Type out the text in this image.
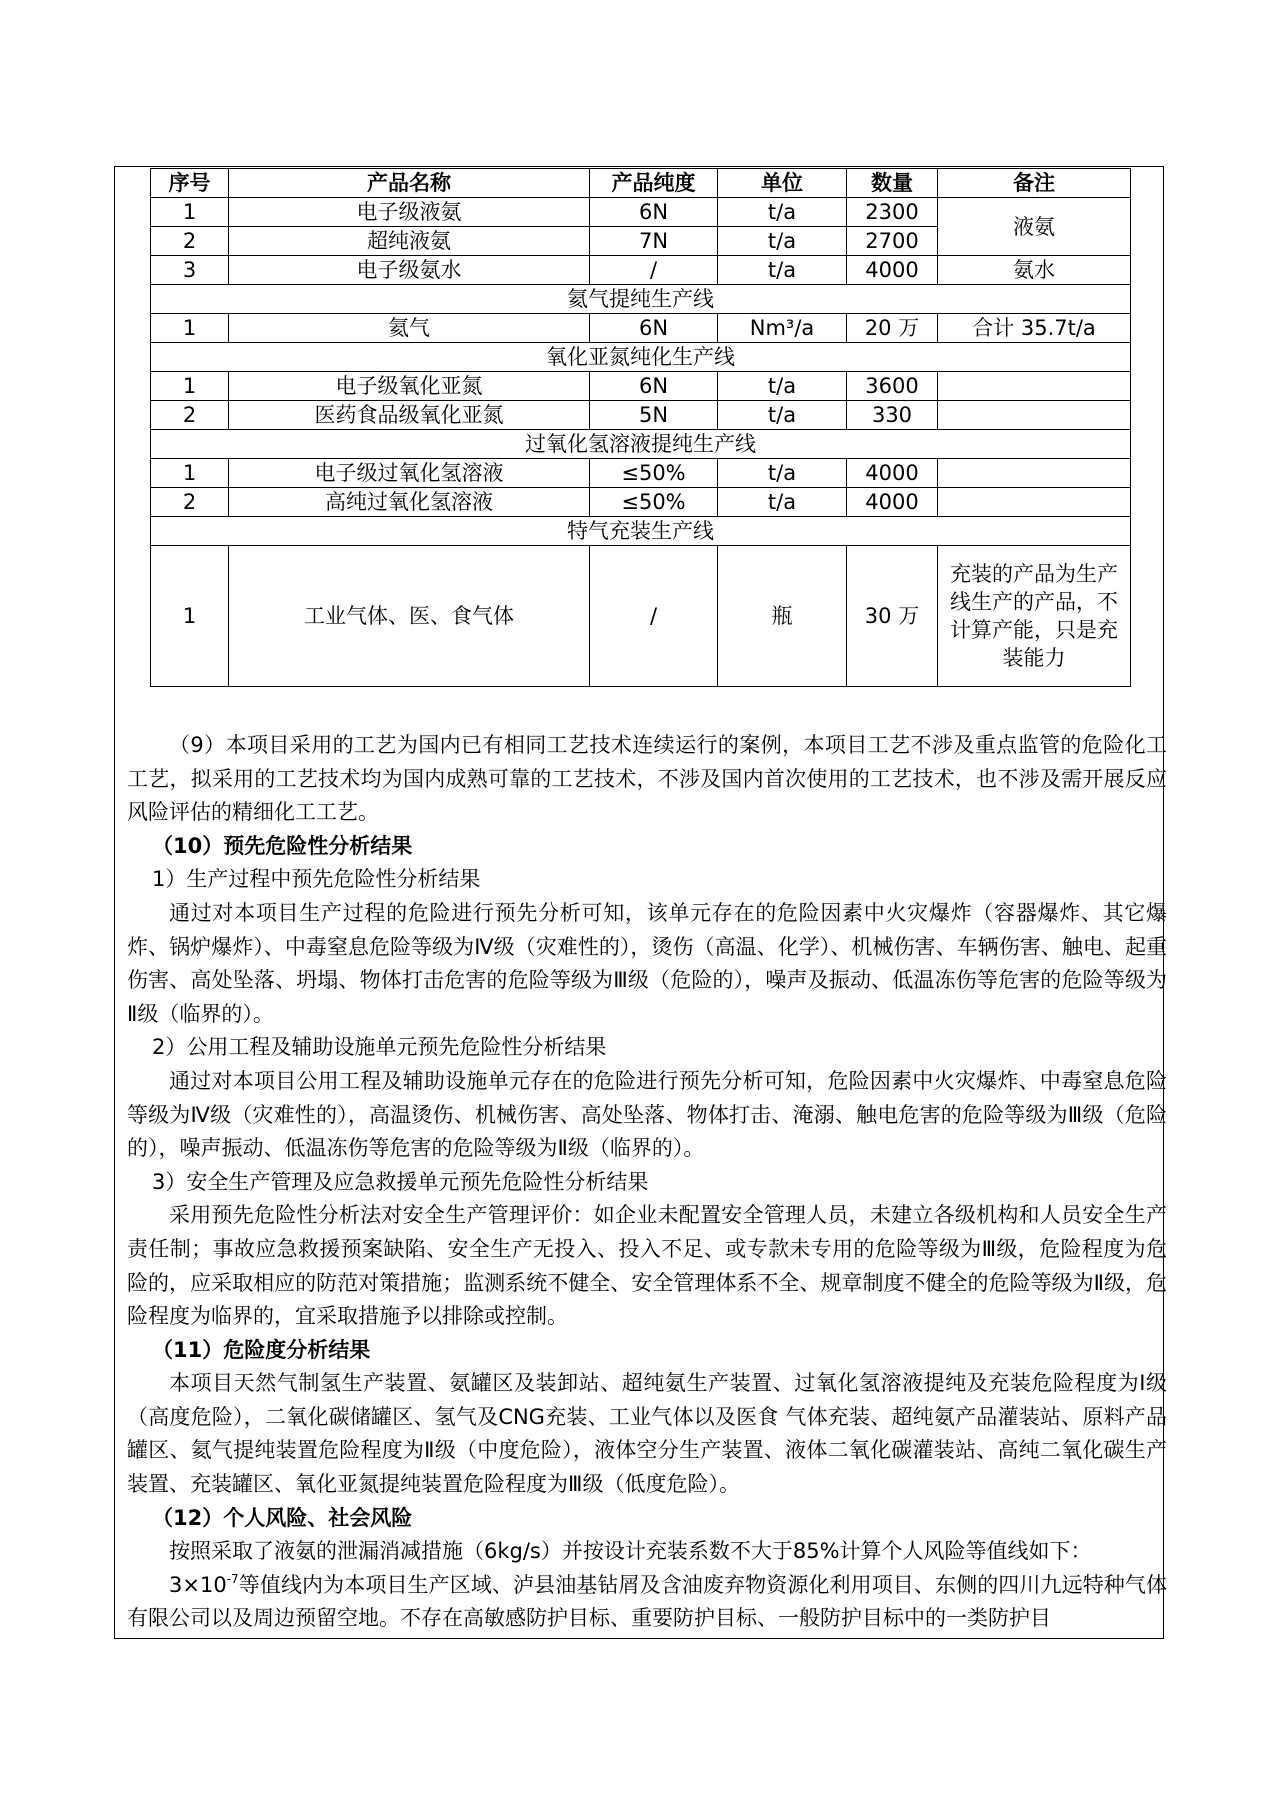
序号	产品名称	产品纯度	单位	数量	备注
1	电子级液氨	6N	t/a	2300	液氨
2	超纯液氨	7N	t/a	2700	
3	电子级氨水	/	t/a	4000	氨水
氦气提纯生产线					
1	氦气	6N	Nm³/a	20 万	合计 35.7t/a
氧化亚氮纯化生产线					
1	电子级氧化亚氮	6N	t/a	3600	
2	医药食品级氧化亚氮	5N	t/a	330	
过氧化氢溶液提纯生产线					
1	电子级过氧化氢溶液	≤50%	t/a	4000	
2	高纯过氧化氢溶液	≤50%	t/a	4000	
特气充装生产线					
1	工业气体、医、食气体	/	瓶	30 万	充装的产品为生产线生产的产品，不计算产能，只是充装能力

（9）本项目采用的工艺为国内已有相同工艺技术连续运行的案例，本项目工艺不涉及重点监管的危险化工工艺，拟采用的工艺技术均为国内成熟可靠的工艺技术，不涉及国内首次使用的工艺技术，也不涉及需开展反应风险评估的精细化工工艺。

（10）预先危险性分析结果

1）生产过程中预先危险性分析结果

通过对本项目生产过程的危险进行预先分析可知，该单元存在的危险因素中火灾爆炸（容器爆炸、其它爆炸、锅炉爆炸）、中毒窒息危险等级为Ⅳ级（灾难性的），烫伤（高温、化学）、机械伤害、车辆伤害、触电、起重伤害、高处坠落、坍塌、物体打击危害的危险等级为Ⅲ级（危险的），噪声及振动、低温冻伤等危害的危险等级为Ⅱ级（临界的）。

2）公用工程及辅助设施单元预先危险性分析结果

通过对本项目公用工程及辅助设施单元存在的危险进行预先分析可知，危险因素中火灾爆炸、中毒窒息危险等级为Ⅳ级（灾难性的），高温烫伤、机械伤害、高处坠落、物体打击、淹溺、触电危害的危险等级为Ⅲ级（危险的），噪声振动、低温冻伤等危害的危险等级为Ⅱ级（临界的）。

3）安全生产管理及应急救援单元预先危险性分析结果

采用预先危险性分析法对安全生产管理评价：如企业未配置安全管理人员，未建立各级机构和人员安全生产责任制；事故应急救援预案缺陷、安全生产无投入、投入不足、或专款未专用的危险等级为Ⅲ级，危险程度为危险的，应采取相应的防范对策措施；监测系统不健全、安全管理体系不全、规章制度不健全的危险等级为Ⅱ级，危险程度为临界的，宜采取措施予以排除或控制。

（11）危险度分析结果

本项目天然气制氢生产装置、氨罐区及装卸站、超纯氨生产装置、过氧化氢溶液提纯及充装危险程度为Ⅰ级（高度危险），二氧化碳储罐区、氢气及CNG充装、工业气体以及医食 气体充装、超纯氨产品灌装站、原料产品罐区、氦气提纯装置危险程度为Ⅱ级（中度危险），液体空分生产装置、液体二氧化碳灌装站、高纯二氧化碳生产装置、充装罐区、氧化亚氮提纯装置危险程度为Ⅲ级（低度危险）。

（12）个人风险、社会风险

按照采取了液氨的泄漏消减措施（6kg/s）并按设计充装系数不大于85%计算个人风险等值线如下：

$3\times 10^{-7}$等值线内为本项目生产区域、泸县油基钻屑及含油废弃物资源化利用项目、东侧的四川九远特种气体有限公司以及周边预留空地。不存在高敏感防护目标、重要防护目标、一般防护目标中的一类防护目
